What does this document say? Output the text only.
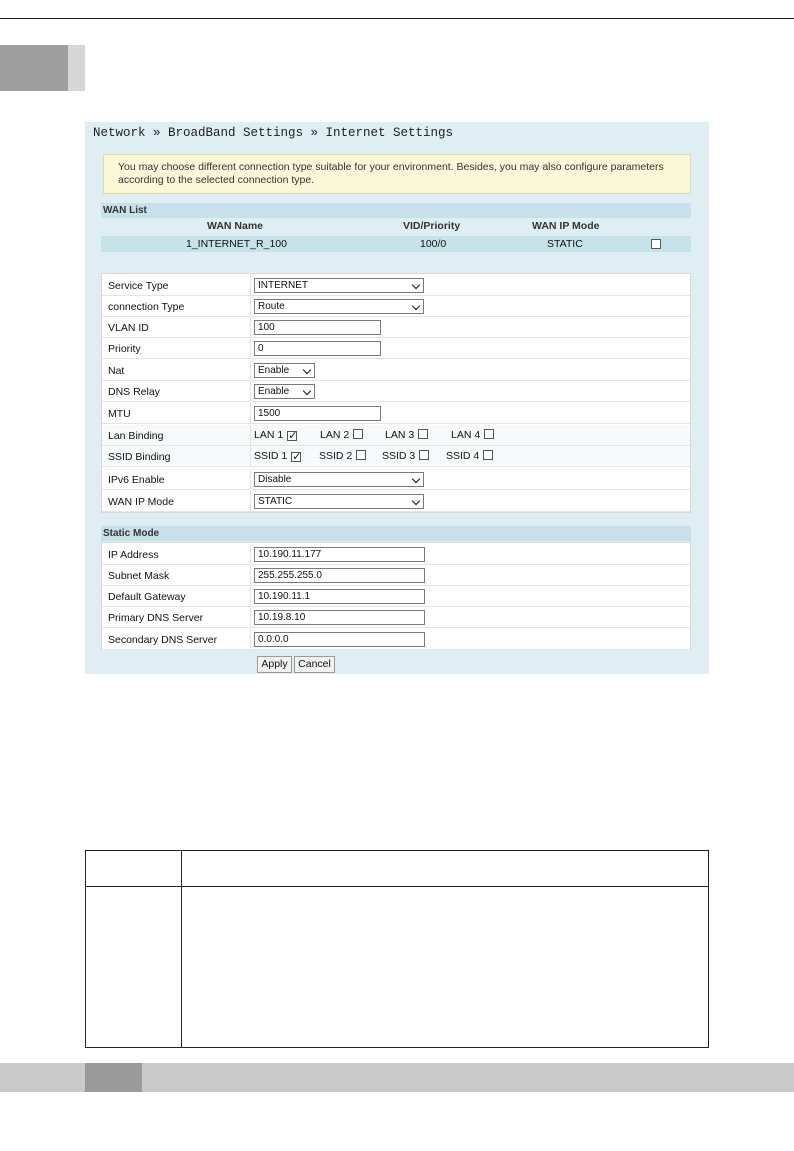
Network » BroadBand Settings » Internet Settings
You may choose different connection type suitable for your environment. Besides, you may also configure parameters according to the selected connection type.
WAN List
WAN Name	VID/Priority	WAN IP Mode
1_INTERNET_R_100	100/0	STATIC
Service Type	INTERNET
connection Type	Route
VLAN ID	100
Priority	0
Nat	Enable
DNS Relay	Enable
MTU	1500
Lan Binding	LAN 1 ✓ LAN 2	LAN 3	LAN 4
SSID Binding	SSID 1 ✓ SSID 2	SSID 3	SSID 4
IPv6 Enable	Disable
WAN IP Mode	STATIC
Static Mode
IP Address	10.190.11.177
Subnet Mask	255.255.255.0
Default Gateway	10.190.11.1
Primary DNS Server	10.19.8.10
Secondary DNS Server	0.0.0.0
Apply	Cancel
